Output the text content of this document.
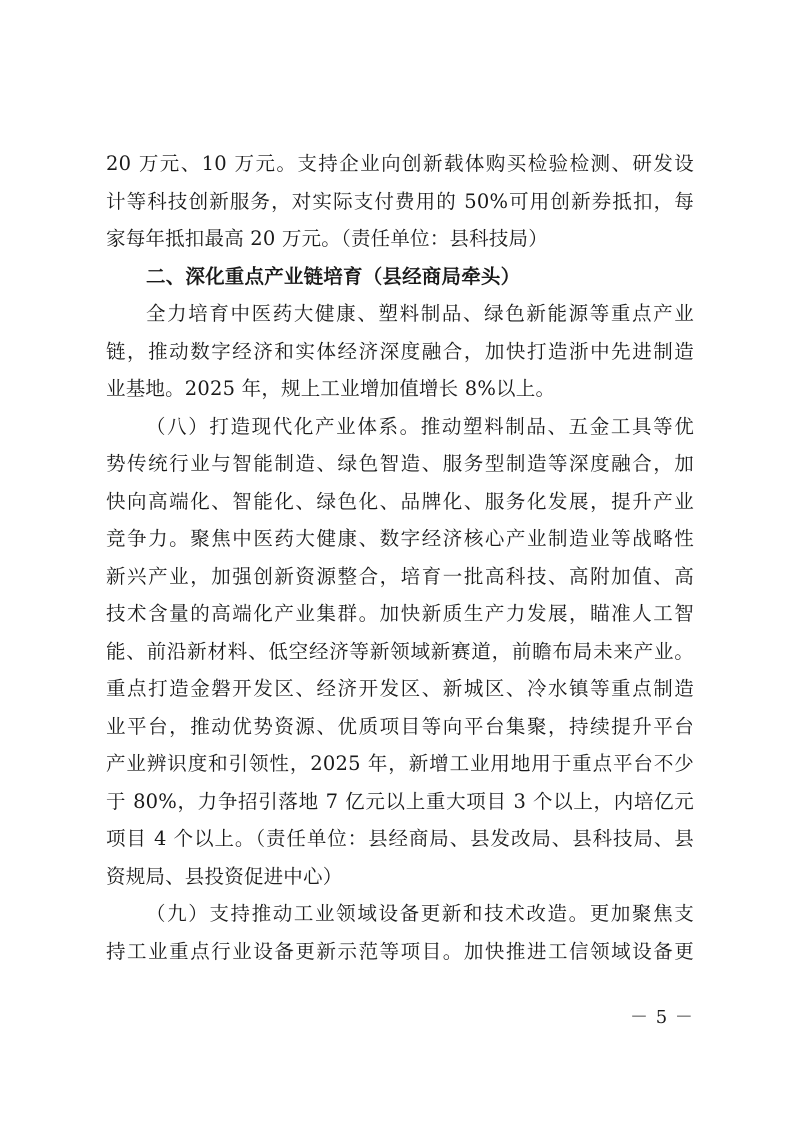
20 万元、10 万元。支持企业向创新载体购买检验检测、研发设
计等科技创新服务，对实际支付费用的 50%可用创新券抵扣，每
家每年抵扣最高 20 万元。（责任单位：县科技局）
二、深化重点产业链培育（县经商局牵头）
全力培育中医药大健康、塑料制品、绿色新能源等重点产业
链，推动数字经济和实体经济深度融合，加快打造浙中先进制造
业基地。2025 年，规上工业增加值增长 8%以上。
（八）打造现代化产业体系。推动塑料制品、五金工具等优
势传统行业与智能制造、绿色智造、服务型制造等深度融合，加
快向高端化、智能化、绿色化、品牌化、服务化发展，提升产业
竞争力。聚焦中医药大健康、数字经济核心产业制造业等战略性
新兴产业，加强创新资源整合，培育一批高科技、高附加值、高
技术含量的高端化产业集群。加快新质生产力发展，瞄准人工智
能、前沿新材料、低空经济等新领域新赛道，前瞻布局未来产业。
重点打造金磐开发区、经济开发区、新城区、冷水镇等重点制造
业平台，推动优势资源、优质项目等向平台集聚，持续提升平台
产业辨识度和引领性，2025 年，新增工业用地用于重点平台不少
于 80%，力争招引落地 7 亿元以上重大项目 3 个以上，内培亿元
项目 4 个以上。（责任单位：县经商局、县发改局、县科技局、县
资规局、县投资促进中心）
（九）支持推动工业领域设备更新和技术改造。更加聚焦支
持工业重点行业设备更新示范等项目。加快推进工信领域设备更
－ 5 －
